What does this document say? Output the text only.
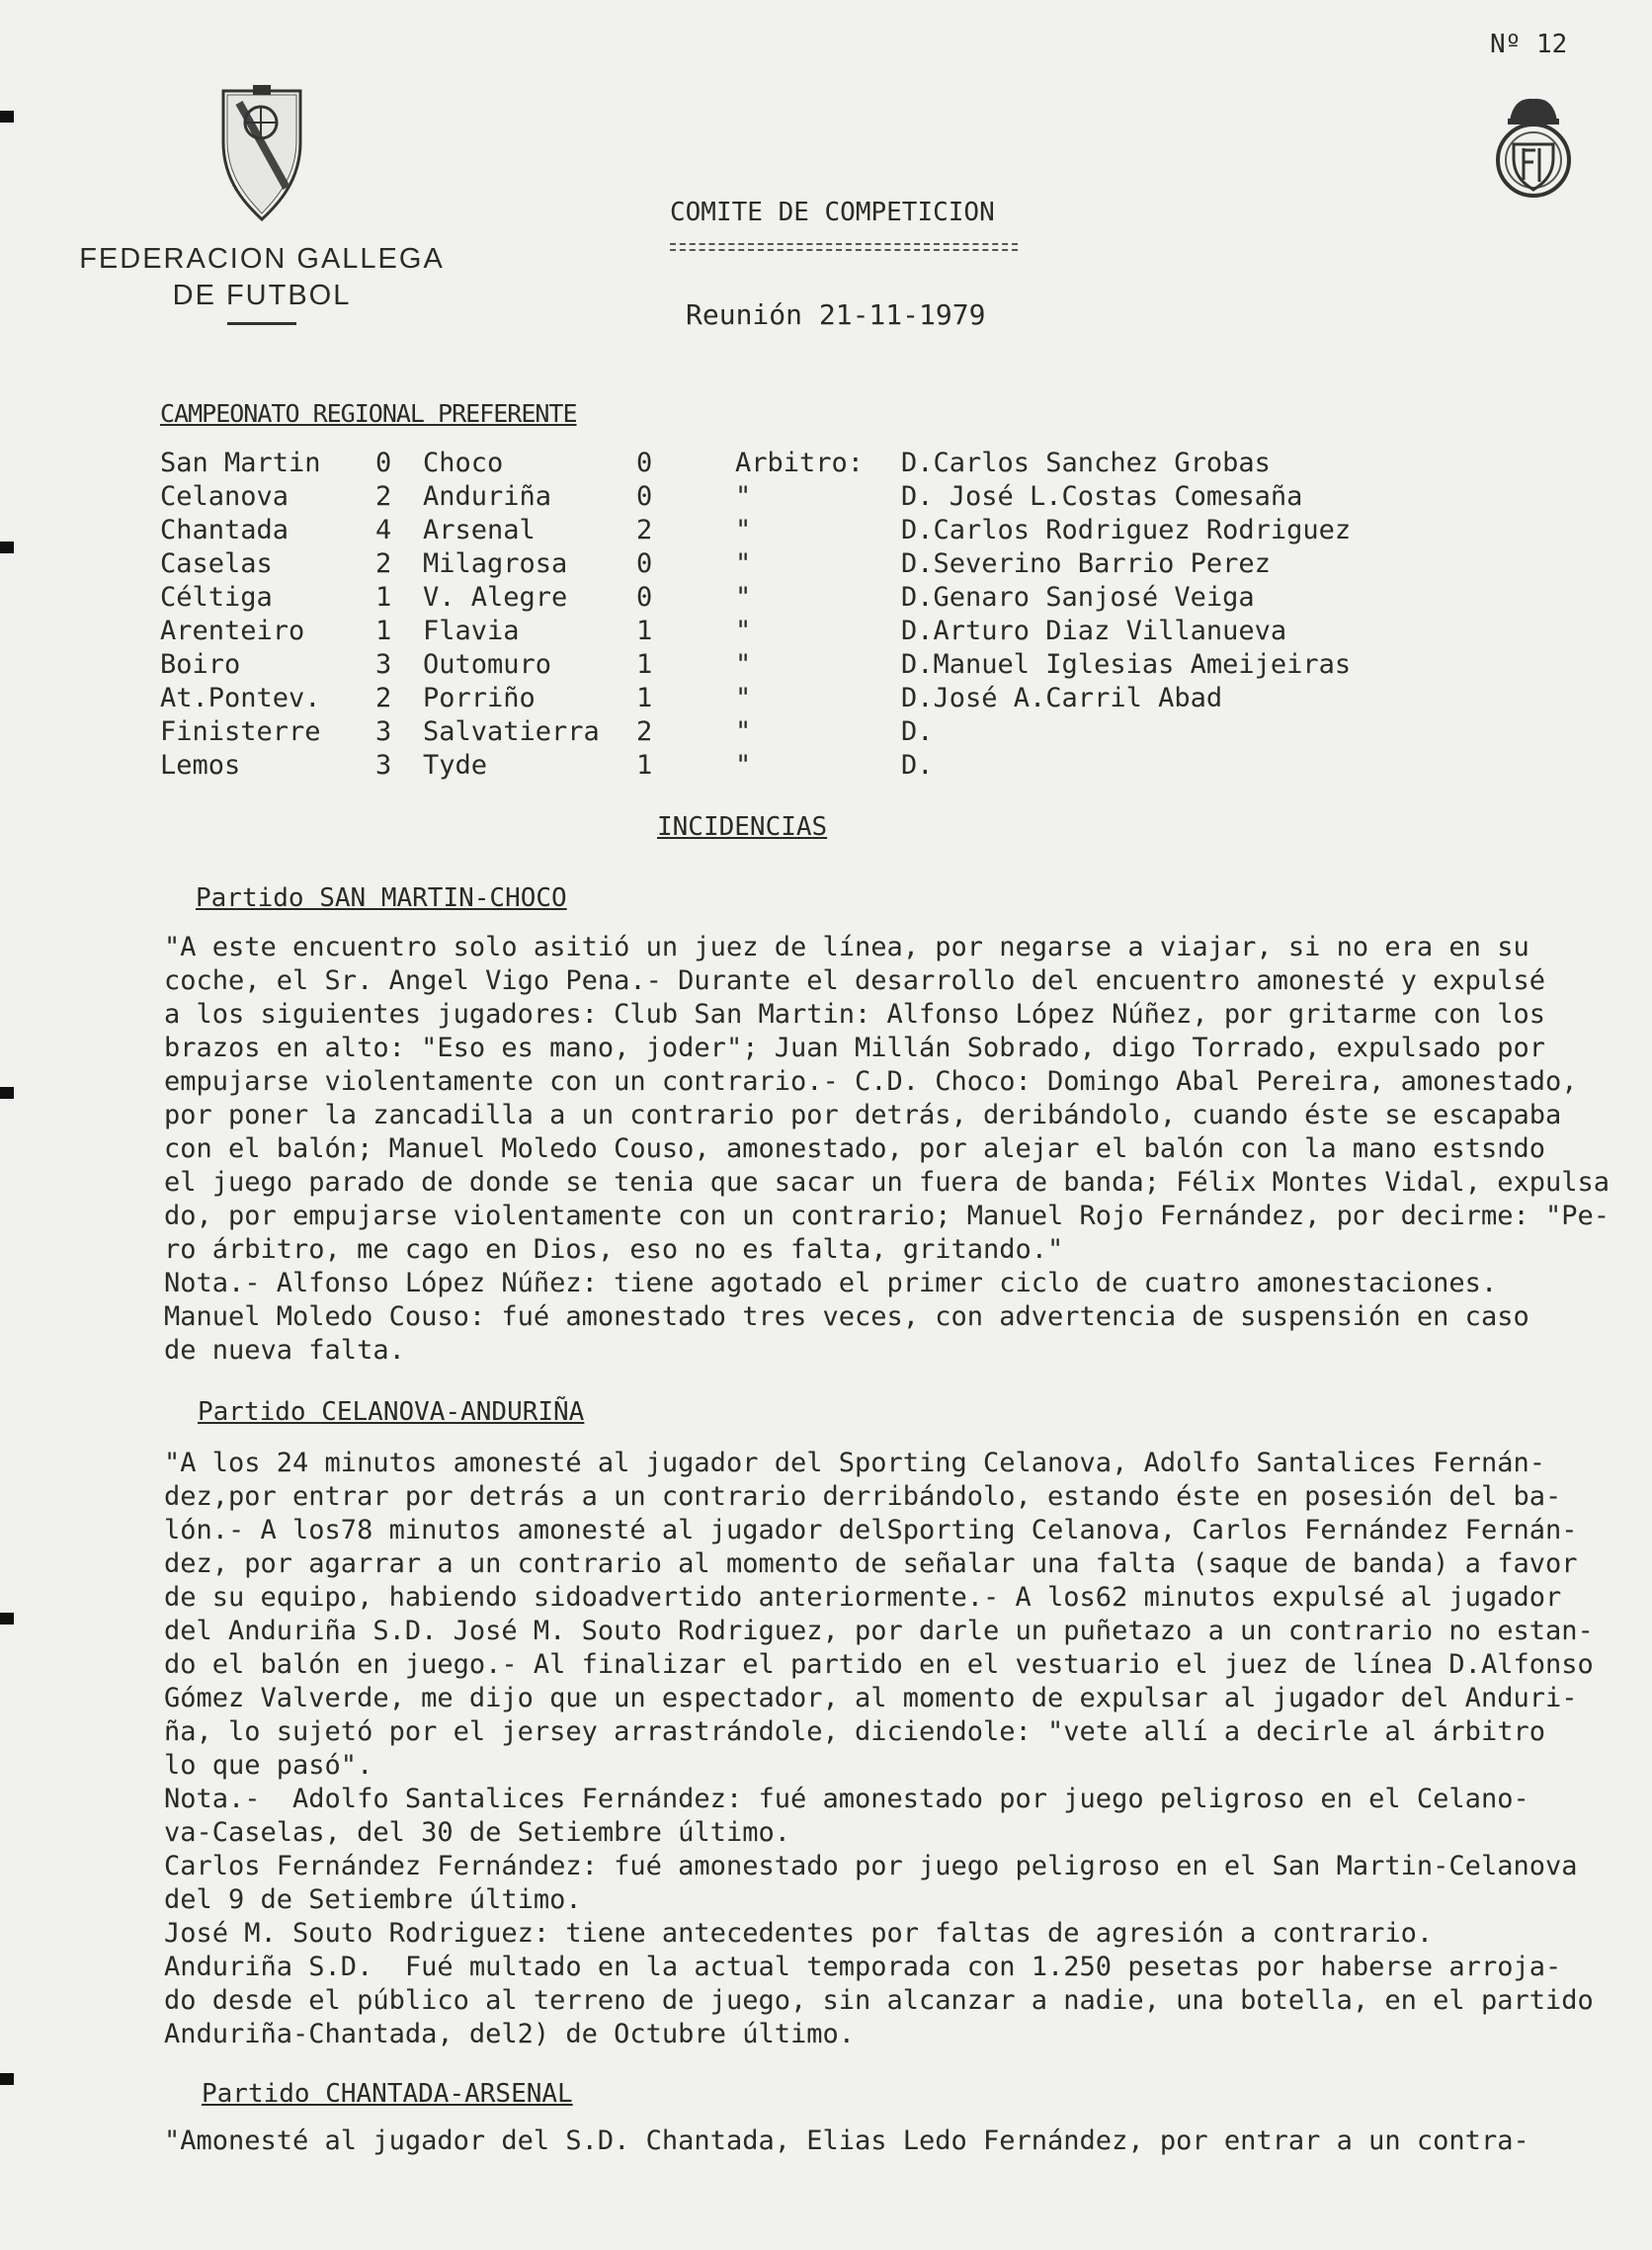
Nº 12
FEDERACION GALLEGA
DE FUTBOL
COMITE DE COMPETICION
Reunión 21-11-1979
CAMPEONATO REGIONAL PREFERENTE
San Martin 0 Choco	0	Arbitro: D.Carlos Sanchez Grobas
Celanova	2 Anduriña	0	"	D. José L.Costas Comesaña
Chantada	4 Arsenal	2	"	D.Carlos Rodriguez Rodriguez
Caselas	2 Milagrosa	0	"	D.Severino Barrio Perez
Céltiga	1 V. Alegre	0	"	D.Genaro Sanjosé Veiga
Arenteiro	1 Flavia	1	"	D.Arturo Diaz Villanueva
Boiro	3 Outomuro	1	"	D.Manuel Iglesias Ameijeiras
At.Pontev. 2 Porriño	1	"	D.José A.Carril Abad
Finisterre 3 Salvatierra 2	"	D.
Lemos	3 Tyde	1	"	D.
INCIDENCIAS
Partido SAN MARTIN-CHOCO
"A este encuentro solo asitió un juez de línea, por negarse a viajar, si no era en su
coche, el Sr. Angel Vigo Pena.- Durante el desarrollo del encuentro amonesté y expulsé
a los siguientes jugadores: Club San Martin: Alfonso López Núñez, por gritarme con los
brazos en alto: "Eso es mano, joder"; Juan Millán Sobrado, digo Torrado, expulsado por
empujarse violentamente con un contrario.- C.D. Choco: Domingo Abal Pereira, amonestado,
por poner la zancadilla a un contrario por detrás, deribándolo, cuando éste se escapaba
con el balón; Manuel Moledo Couso, amonestado, por alejar el balón con la mano estsndo
el juego parado de donde se tenia que sacar un fuera de banda; Félix Montes Vidal, expulsa
do, por empujarse violentamente con un contrario; Manuel Rojo Fernández, por decirme: "Pe-
ro árbitro, me cago en Dios, eso no es falta, gritando."
Nota.- Alfonso López Núñez: tiene agotado el primer ciclo de cuatro amonestaciones.
Manuel Moledo Couso: fué amonestado tres veces, con advertencia de suspensión en caso
de nueva falta.
Partido CELANOVA-ANDURIÑA
"A los 24 minutos amonesté al jugador del Sporting Celanova, Adolfo Santalices Fernán-
dez,por entrar por detrás a un contrario derribándolo, estando éste en posesión del ba-
lón.- A los78 minutos amonesté al jugador delSporting Celanova, Carlos Fernández Fernán-
dez, por agarrar a un contrario al momento de señalar una falta (saque de banda) a favor
de su equipo, habiendo sidoadvertido anteriormente.- A los62 minutos expulsé al jugador
del Anduriña S.D. José M. Souto Rodriguez, por darle un puñetazo a un contrario no estan-
do el balón en juego.- Al finalizar el partido en el vestuario el juez de línea D.Alfonso
Gómez Valverde, me dijo que un espectador, al momento de expulsar al jugador del Anduri-
ña, lo sujetó por el jersey arrastrándole, diciendole: "vete allí a decirle al árbitro
lo que pasó".
Nota.-  Adolfo Santalices Fernández: fué amonestado por juego peligroso en el Celano-
va-Caselas, del 30 de Setiembre último.
Carlos Fernández Fernández: fué amonestado por juego peligroso en el San Martin-Celanova
del 9 de Setiembre último.
José M. Souto Rodriguez: tiene antecedentes por faltas de agresión a contrario.
Anduriña S.D.  Fué multado en la actual temporada con 1.250 pesetas por haberse arroja-
do desde el público al terreno de juego, sin alcanzar a nadie, una botella, en el partido
Anduriña-Chantada, del2) de Octubre último.
Partido CHANTADA-ARSENAL
"Amonesté al jugador del S.D. Chantada, Elias Ledo Fernández, por entrar a un contra-
